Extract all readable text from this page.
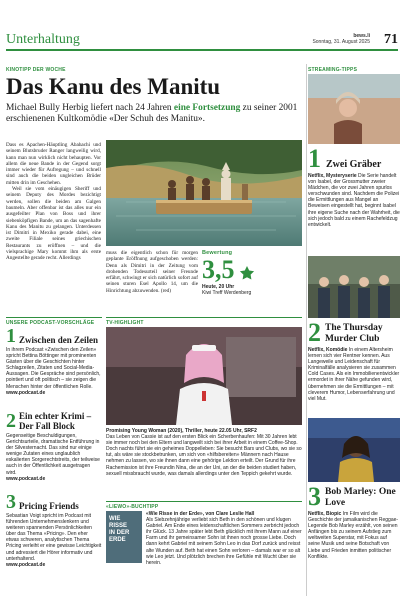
Unterhaltung	bews.li
Sonntag, 31. August 2025 71
KINOTIPP DER WOCHE
Das Kanu des Manitu
Michael Bully Herbig liefert nach 24 Jahren eine Fortsetzung zu seiner 2001 erschienenen Kultkomödie «Der Schuh des Manitu».

Dass es Apachen-Häuptling Abahachi und seinem Blutsbruder Ranger langweilig wird, kann man nun wirklich nicht behaupten. Vor allem die neue Bande in der Gegend sorgt immer wieder für Aufregung – und schnell sind auch die beiden ungleichen Brüder mitten drin im Geschehen.

Weil sie vom einäugigen Sheriff und seinem Deputy des Mordes bezichtigt werden, sollen die beiden am Galgen baumeln. Aber offenbar ist das alles nur ein ausgefeilter Plan von Boss und ihrer siebenköpfigen Bande, um an das sagenhafte Kanu des Manitu zu gelangen. Unterdessen ist Dimitri in Mexiko gerade dabei, eine zweite Filiale seines griechischen Restaurants zu eröffnen – und die vielsprachige Mary kommt ihm als erste Angestellte gerade recht. Allerdings

muss die eigentlich schon für morgen geplante Eröffnung aufgeschoben werden: Denn als Dimitri in der Zeitung vom drohenden Todesurteil seiner Freunde erfährt, schwingt er sich natürlich sofort auf seinen sturen Esel Apollo 14, um die Hinrichtung abzuwenden. (red)
Bewertung
3,5
Heute, 20 Uhr
Kiwi Treff Werdenberg
STREAMING-TIPPS
1 Zwei Gräber
Netflix, Mysteryserie Die Serie handelt von Isabel, der Grossmutter zweier Mädchen, die vor zwei Jahren spurlos verschwunden sind. Nachdem die Polizei die Ermittlungen aus Mangel an Beweisen eingestellt hat, beginnt Isabel ihre eigene Suche nach der Wahrheit, die sich jedoch bald zu einem Rachefeldzug entwickelt.
2 The Thursday Murder Club
Netflix, Komödie In einem Altersheim lernen sich vier Rentner kennen. Aus Langeweile und Leidenschaft für Kriminalfälle analysieren sie zusammen Cold Cases. Als ein Immobilienentwickler ermordet in ihrer Nähe gefunden wird, übernehmen sie die Ermittlungen – mit cleverem Humor, Lebenserfahrung und viel Mut.
3 Bob Marley: One Love
Netflix, Biopic Im Film wird die Geschichte der jamaikanischen Reggae-Legende Bob Marley erzählt, von seinen Anfängen bis zu seinem Aufstieg zum weltweiten Superstar, mit Fokus auf seine Musik und seine Botschaft von Liebe und Frieden inmitten politischer Konflikte.
UNSERE PODCAST-VORSCHLÄGE
1 Zwischen den Zeilen
In ihrem Podcast «Zwischen den Zeilen» spricht Bettina Böttinger mit prominenten Gästen über die Geschichten hinter Schlagzeilen, Zitaten und Social-Media-Aussagen. Die Gespräche sind persönlich, pointiert und oft politisch – sie zeigen die Menschen hinter der öffentlichen Rolle.
www.podcast.de
2 Ein echter Krimi – Der Fall Block
Gegenseitige Beschuldigungen, Gerichtsurteile, dramatische Entführung in der Silvesternacht. Das sind nur einige wenige Zutaten eines unglaublich eskalierten Sorgerechtstreits, der teilweise auch in der Öffentlichkeit ausgetragen wird.
www.podcast.de
3 Pricing Friends
Sebastian Voigt spricht im Podcast mit führenden Unternehmenslenkern und weiteren spannenden Persönlichkeiten über das Thema «Pricing». Den eher etwas schweren, analytischen Thema Pricing verleiht er eine gewisse Leichtigkeit und adressiert die Hörer informativ und unterhaltend.
www.podcast.de
TV-HIGHLIGHT
Promising Young Woman (2020), Thriller, heute 22.05 Uhr, SRF2
Das Leben von Cassie ist auf den ersten Blick ein Scherbenhaufen: Mit 30 Jahren lebt sie immer noch bei den Eltern und langweilt sich bei ihrer Arbeit in einem Coffee-Shop. Doch nachts führt sie ein geheimes Doppelleben: Sie besucht Bars und Clubs, wo sie so tut, als wäre sie stockbetrunken, um sich von «hilfsbereiten» Männern nach Hause nehmen zu lassen, wo sie ihnen dann eine gehörige Lektion erteilt. Der Grund für ihre Rachemission ist ihre Freundin Nina, die an der Uni, an der die beiden studiert haben, sexuell missbraucht wurde, was damals allerdings unter den Teppich gekehrt wurde.
«LIEWO»-BUCHTIPP
WIE
RISSE
IN DER
ERDE
«Wie Risse in der Erde», von Clare Leslie Hall
Als Siebzehnjährige verliebt sich Beth in den schönen und klugen Gabriel. Am Ende eines leidenschaftlichen Sommers zerbricht jedoch ihr Glück. 13 Jahre später lebt Beth glücklich mit ihrem Mann auf einer Farm und ihr gemeinsamer Sohn ist ihnen noch grosse Liebe. Doch dann kehrt Gabriel mit seinem Sohn Leo in das Dorf zurück und reisst alte Wunden auf. Beth hat einen Sohn verloren – damals war er so alt wie Leo jetzt. Und plötzlich brechen ihre Gefühle mit Wucht über sie herein.
